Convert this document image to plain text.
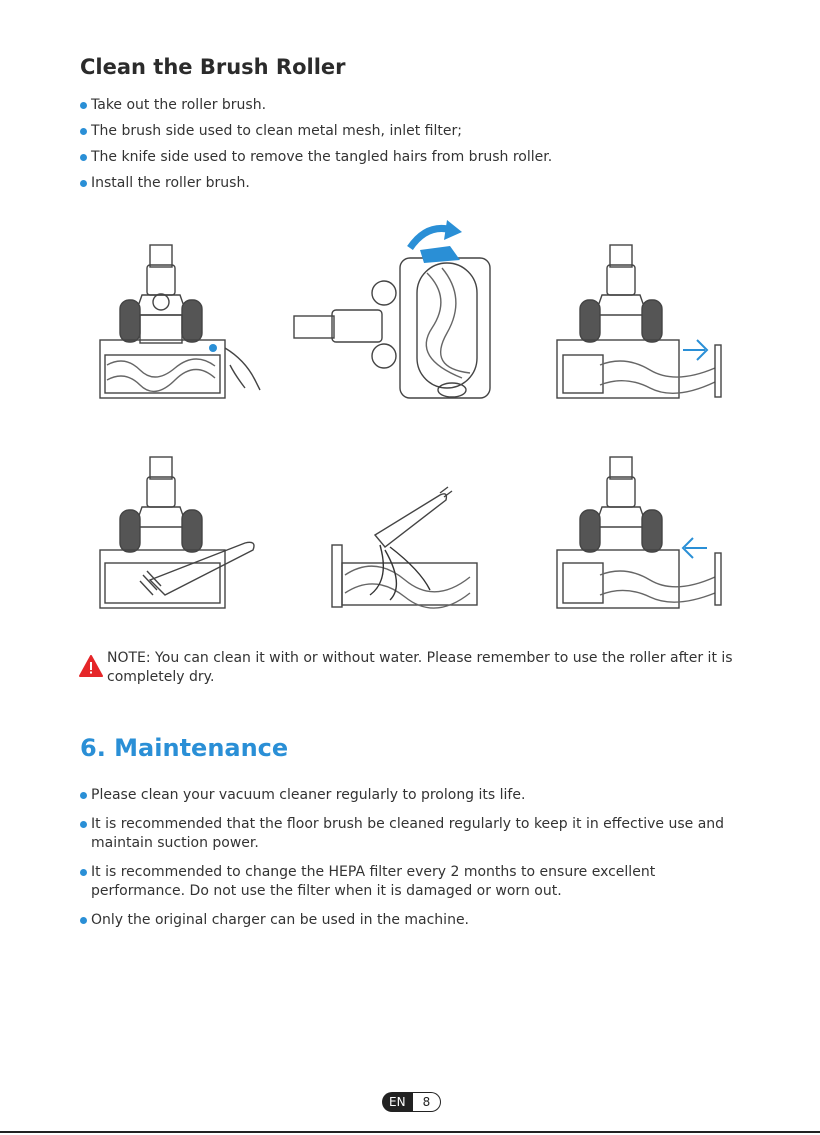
Clean the Brush Roller
Take out the roller brush.
The brush side used to clean metal mesh, inlet filter;
The knife side used to remove the tangled hairs from brush roller.
Install the roller brush.
NOTE: You can clean it with or without water. Please remember to use the roller after it is completely dry.
6. Maintenance
Please clean your vacuum cleaner regularly to prolong its life.
It is recommended that the floor brush be cleaned regularly to keep it in effective use and maintain suction power.
It is recommended to change the HEPA filter every 2 months to ensure excellent performance. Do not use the filter when it is damaged or worn out.
Only the original charger can be used in the machine.
EN	8
